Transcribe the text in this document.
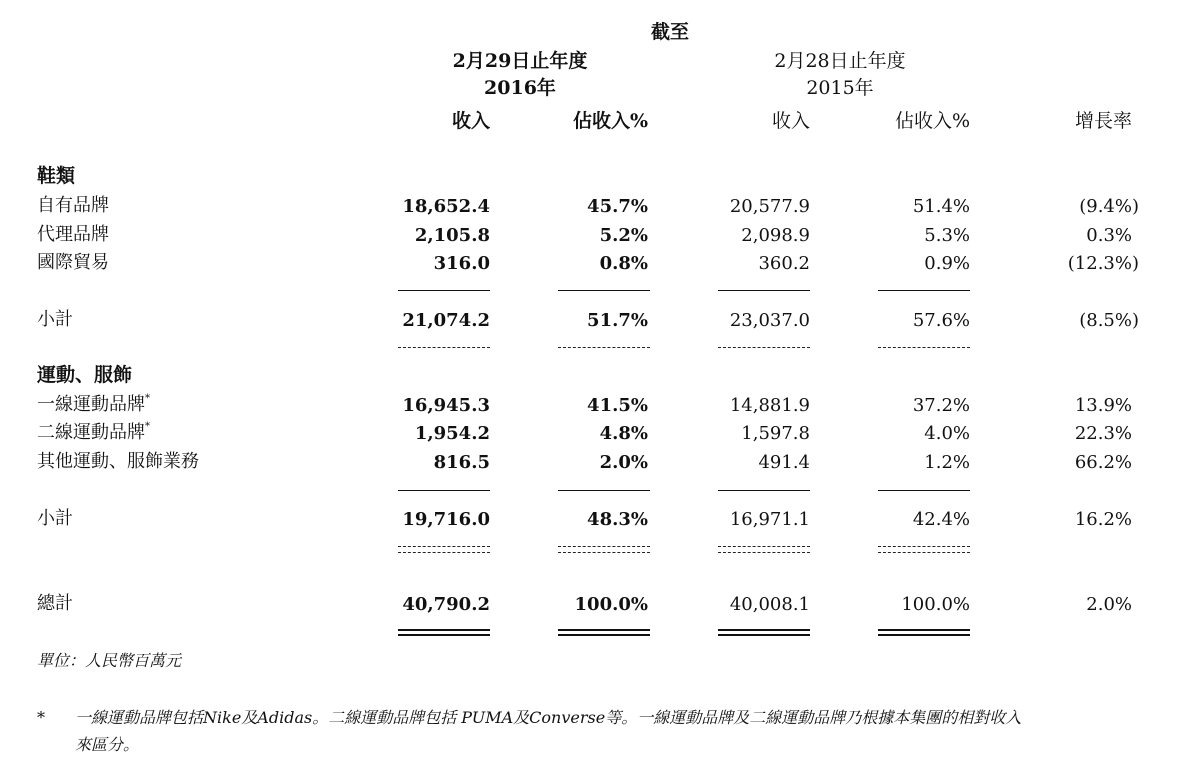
截至
2月29日止年度
2016年
2月28日止年度
2015年
收入	佔收入%	收入	佔收入%	增長率
鞋類
自有品牌	18,652.4	45.7%	20,577.9	51.4%	(9.4%)
代理品牌	2,105.8	5.2%	2,098.9	5.3%	0.3%
國際貿易	316.0	0.8%	360.2	0.9%	(12.3%)
小計	21,074.2	51.7%	23,037.0	57.6%	(8.5%)
運動、服飾
一線運動品牌*	16,945.3	41.5%	14,881.9	37.2%	13.9%
二線運動品牌*	1,954.2	4.8%	1,597.8	4.0%	22.3%
其他運動、服飾業務	816.5	2.0%	491.4	1.2%	66.2%
小計	19,716.0	48.3%	16,971.1	42.4%	16.2%
總計	40,790.2	100.0%	40,008.1	100.0%	2.0%
單位：人民幣百萬元
* 一線運動品牌包括Nike及Adidas。二線運動品牌包括 PUMA及Converse等。一線運動品牌及二線運動品牌乃根據本集團的相對收入
來區分。
